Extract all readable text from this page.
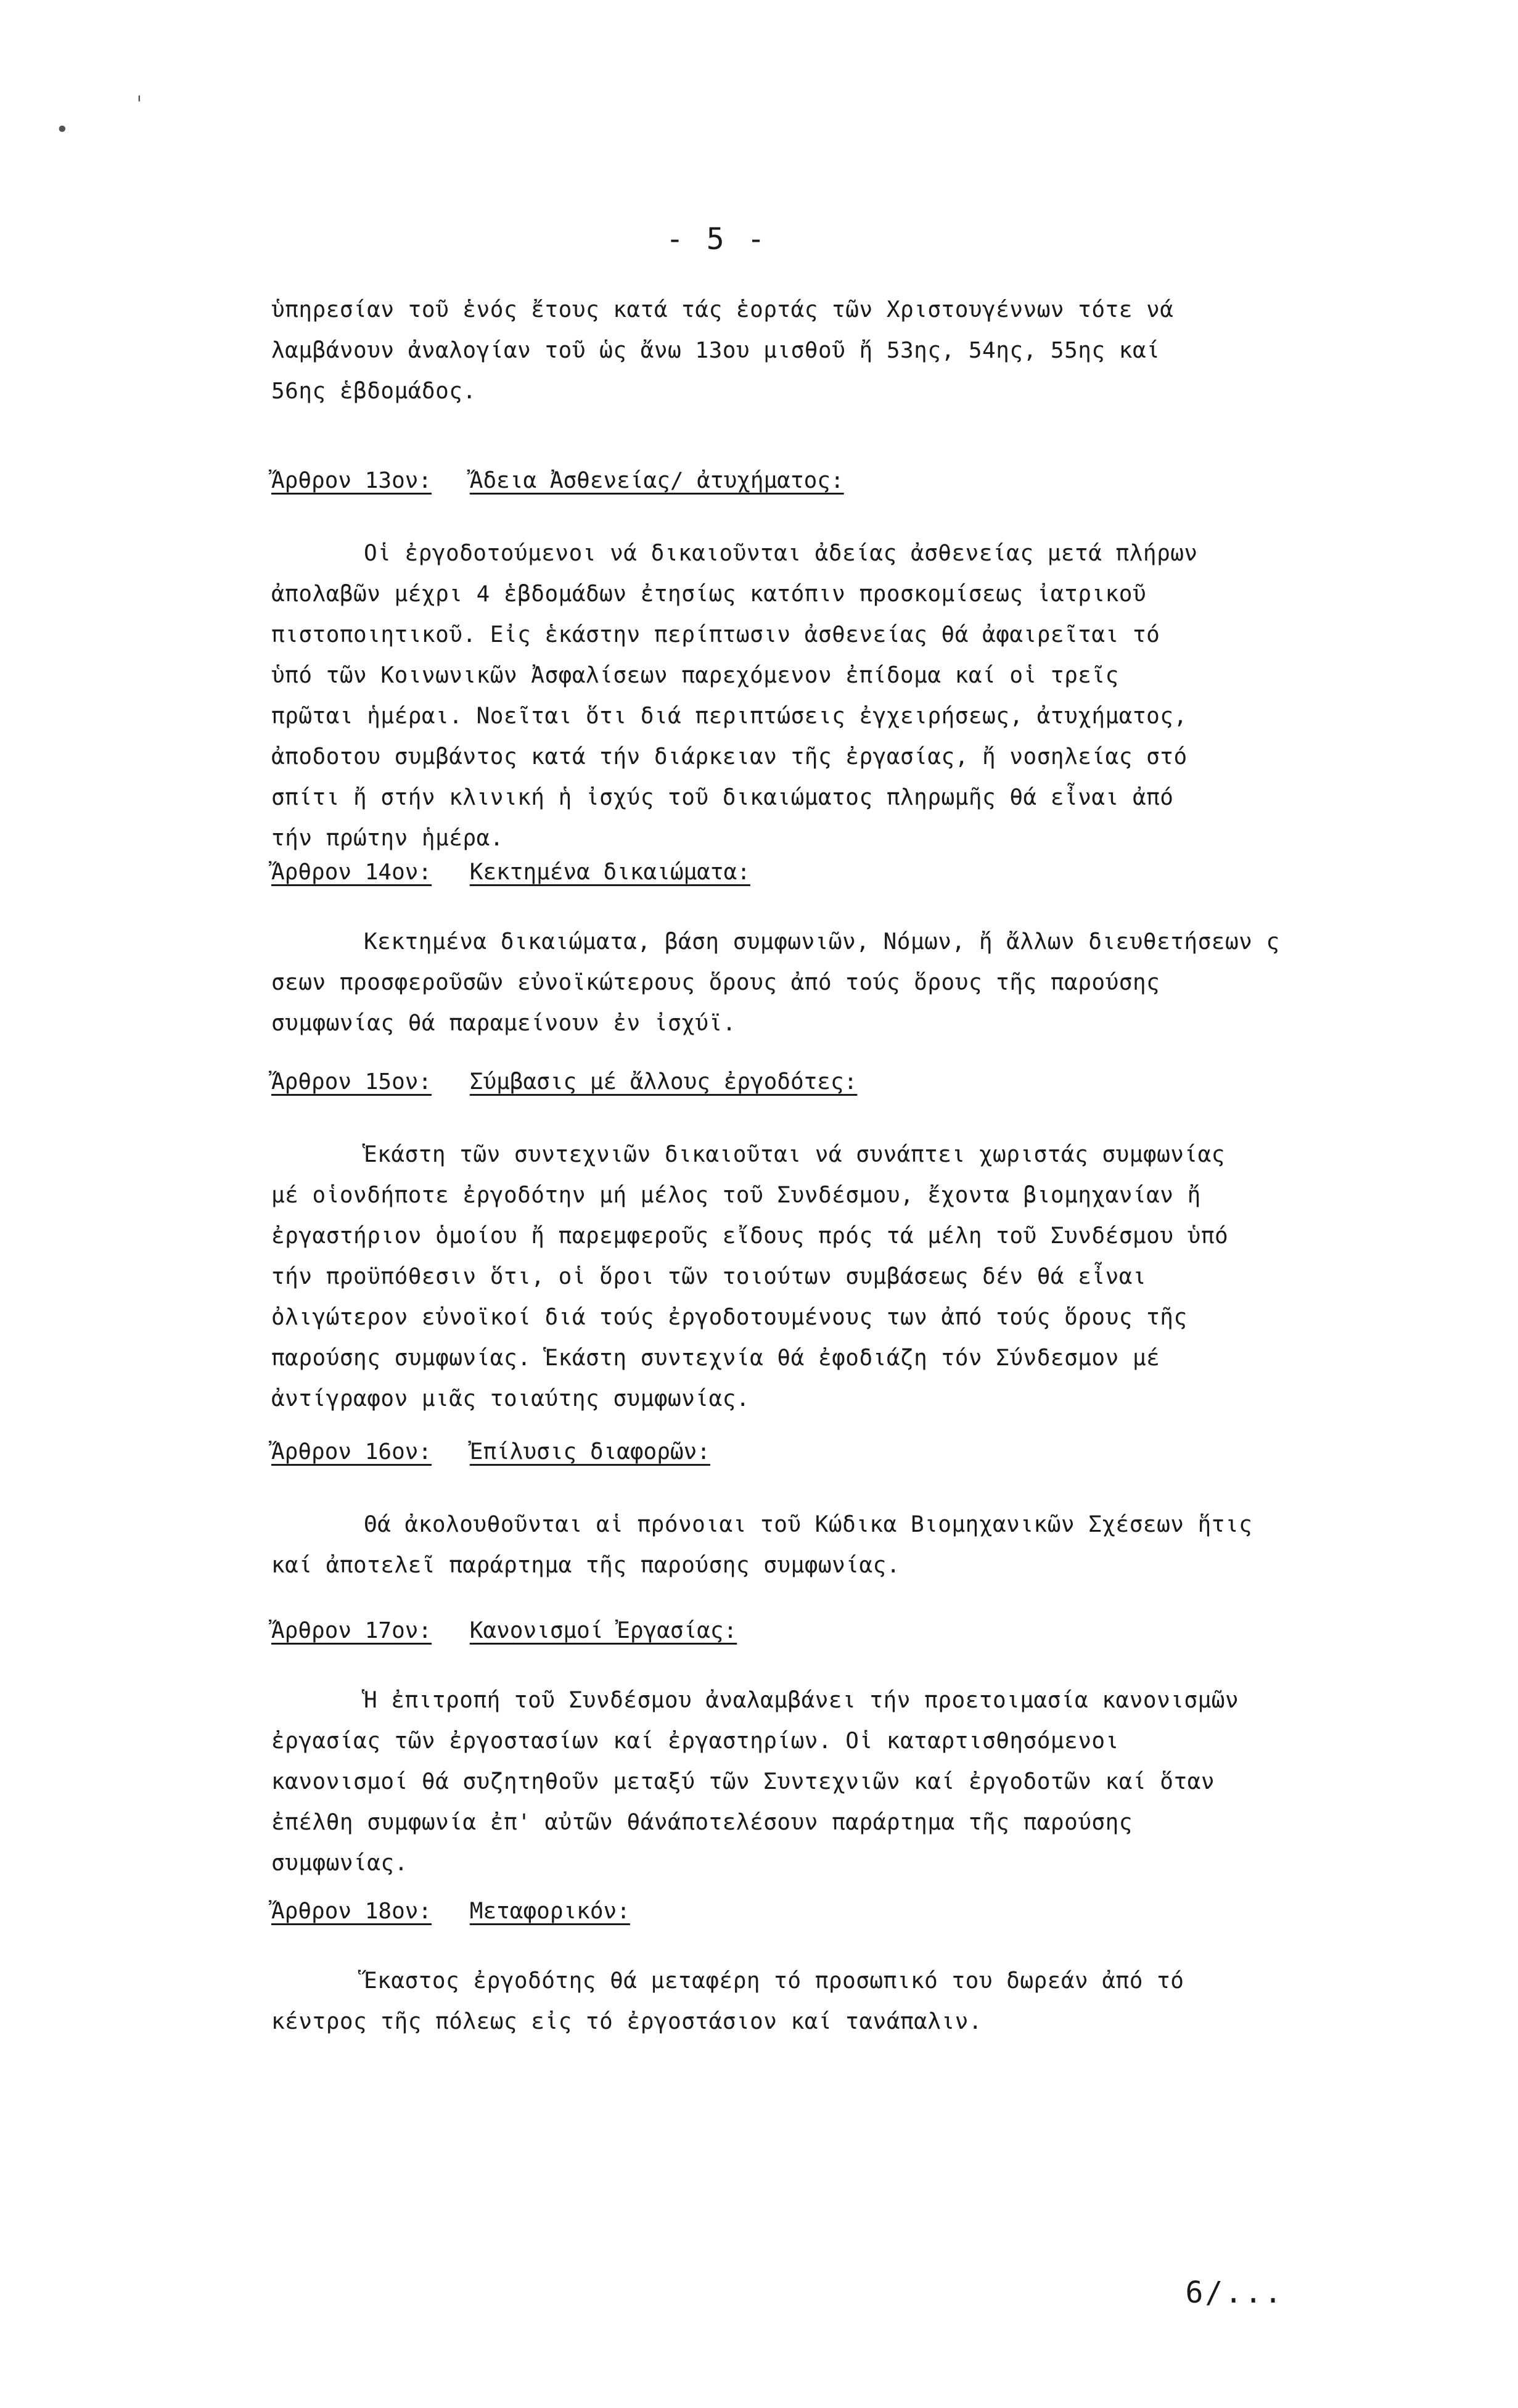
- 5 -

ὑπηρεσίαν τοῦ ἑνός ἔτους κατά τάς ἑορτάς τῶν Χριστουγέννων τότε νά

λαμβάνουν ἀναλογίαν τοῦ ὡς ἄνω 13ου μισθοῦ ἤ 53ης, 54ης, 55ης καί

56ης ἑβδομάδος.

Ἄρθρον 13ον: Ἄδεια Ἀσθενείας/ ἀτυχήματος:

Οἱ ἐργοδοτούμενοι νά δικαιοῦνται ἀδείας ἀσθενείας μετά πλήρων

ἀπολαβῶν μέχρι 4 ἑβδομάδων ἐτησίως κατόπιν προσκομίσεως ἰατρικοῦ

πιστοποιητικοῦ. Εἰς ἑκάστην περίπτωσιν ἀσθενείας θά ἀφαιρεῖται τό

ὑπό τῶν Κοινωνικῶν Ἀσφαλίσεων παρεχόμενον ἐπίδομα καί οἱ τρεῖς

πρῶται ἡμέραι. Νοεῖται ὅτι διά περιπτώσεις ἐγχειρήσεως, ἀτυχήματος,

ἀποδοτου συμβάντος κατά τήν διάρκειαν τῆς ἐργασίας, ἤ νοσηλείας στό

σπίτι ἤ στήν κλινική ἡ ἰσχύς τοῦ δικαιώματος πληρωμῆς θά εἶναι ἀπό

τήν πρώτην ἡμέρα.

Ἄρθρον 14ον: Κεκτημένα δικαιώματα:

Κεκτημένα δικαιώματα, βάση συμφωνιῶν, Νόμων, ἤ ἄλλων διευθετήσεων ς

σεων προσφεροῦσῶν εὐνοϊκώτερους ὅρους ἀπό τούς ὅρους τῆς παρούσης

συμφωνίας θά παραμείνουν ἐν ἰσχύϊ.

Ἄρθρον 15ον: Σύμβασις μέ ἄλλους ἐργοδότες:

Ἑκάστη τῶν συντεχνιῶν δικαιοῦται νά συνάπτει χωριστάς συμφωνίας

μέ οἱονδήποτε ἐργοδότην μή μέλος τοῦ Συνδέσμου, ἔχοντα βιομηχανίαν ἤ

ἐργαστήριον ὁμοίου ἤ παρεμφεροῦς εἴδους πρός τά μέλη τοῦ Συνδέσμου ὑπό

τήν προϋπόθεσιν ὅτι, οἱ ὅροι τῶν τοιούτων συμβάσεως δέν θά εἶναι

ὀλιγώτερον εὐνοϊκοί διά τούς ἐργοδοτουμένους των ἀπό τούς ὅρους τῆς

παρούσης συμφωνίας. Ἑκάστη συντεχνία θά ἐφοδιάζη τόν Σύνδεσμον μέ

ἀντίγραφον μιᾶς τοιαύτης συμφωνίας.

Ἄρθρον 16ον: Ἐπίλυσις διαφορῶν:

Θά ἀκολουθοῦνται αἱ πρόνοιαι τοῦ Κώδικα Βιομηχανικῶν Σχέσεων ἥτις

καί ἀποτελεῖ παράρτημα τῆς παρούσης συμφωνίας.

Ἄρθρον 17ον: Κανονισμοί Ἐργασίας:

Ἡ ἐπιτροπή τοῦ Συνδέσμου ἀναλαμβάνει τήν προετοιμασία κανονισμῶν

ἐργασίας τῶν ἐργοστασίων καί ἐργαστηρίων. Οἱ καταρτισθησόμενοι

κανονισμοί θά συζητηθοῦν μεταξύ τῶν Συντεχνιῶν καί ἐργοδοτῶν καί ὅταν

ἐπέλθη συμφωνία ἐπ' αὐτῶν θάνάποτελέσουν παράρτημα τῆς παρούσης

συμφωνίας.

Ἄρθρον 18ον: Μεταφορικόν:

Ἕκαστος ἐργοδότης θά μεταφέρη τό προσωπικό του δωρεάν ἀπό τό

κέντρος τῆς πόλεως εἰς τό ἐργοστάσιον καί τανάπαλιν.

6/...
•
ˈ
